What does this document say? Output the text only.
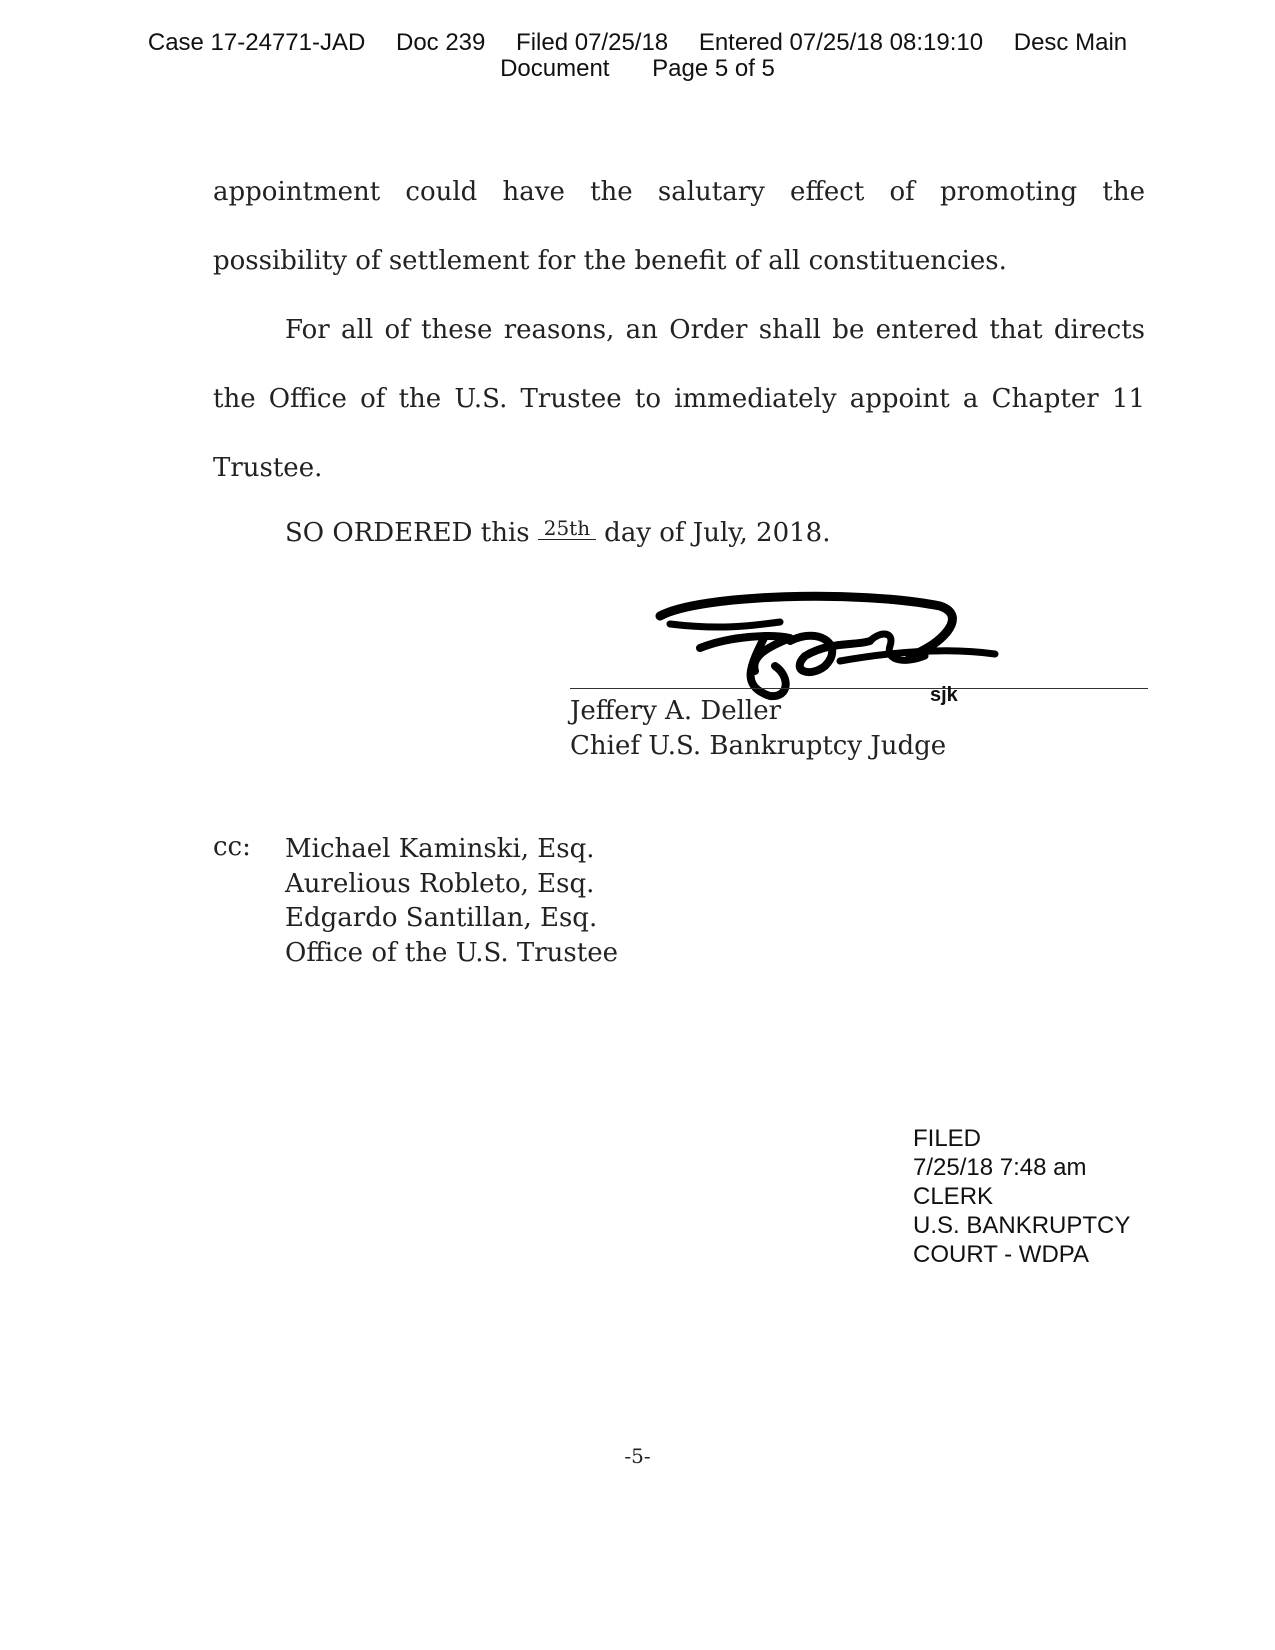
Case 17-24771-JAD Doc 239 Filed 07/25/18 Entered 07/25/18 08:19:10 Desc Main
Document Page 5 of 5
appointment could have the salutary effect of promoting the
possibility of settlement for the benefit of all constituencies.
For all of these reasons, an Order shall be entered that directs
the Office of the U.S. Trustee to immediately appoint a Chapter 11
Trustee.
SO ORDERED this 25th day of July, 2018.
sjk
Jeffery A. Deller
Chief U.S. Bankruptcy Judge
cc: Michael Kaminski, Esq.
Aurelious Robleto, Esq.
Edgardo Santillan, Esq.
Office of the U.S. Trustee
FILED
7/25/18 7:48 am
CLERK
U.S. BANKRUPTCY
COURT - WDPA
-5-
